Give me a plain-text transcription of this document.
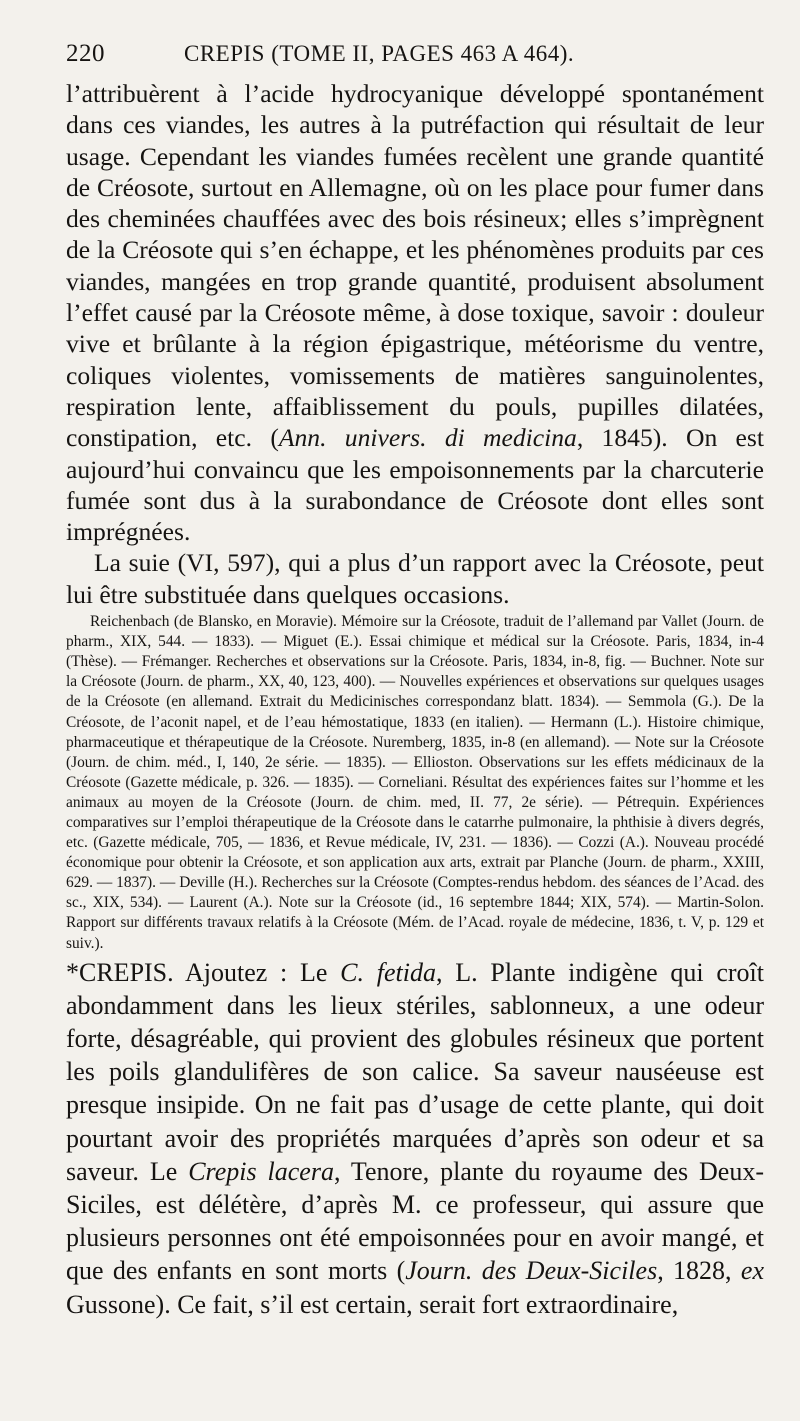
220	CREPIS (TOME II, PAGES 463 A 464).

l’attribuèrent à l’acide hydrocyanique développé spontanément dans ces viandes, les autres à la putréfaction qui résultait de leur usage. Cependant les viandes fumées recèlent une grande quantité de Créosote, surtout en Allemagne, où on les place pour fumer dans des cheminées chauffées avec des bois résineux; elles s’imprègnent de la Créosote qui s’en échappe, et les phénomènes produits par ces viandes, mangées en trop grande quantité, produisent absolument l’effet causé par la Créosote même, à dose toxique, savoir : douleur vive et brûlante à la région épigastrique, météorisme du ventre, coliques violentes, vomissements de matières sanguinolentes, respiration lente, affaiblissement du pouls, pupilles dilatées, constipation, etc. (Ann. univers. di medicina, 1845). On est aujourd’hui convaincu que les empoisonnements par la charcuterie fumée sont dus à la surabondance de Créosote dont elles sont imprégnées.

La suie (VI, 597), qui a plus d’un rapport avec la Créosote, peut lui être substituée dans quelques occasions.

Reichenbach (de Blansko, en Moravie). Mémoire sur la Créosote, traduit de l’allemand par Vallet (Journ. de pharm., XIX, 544. — 1833). — Miguet (E.). Essai chimique et médical sur la Créosote. Paris, 1834, in-4 (Thèse). — Frémanger. Recherches et observations sur la Créosote. Paris, 1834, in-8, fig. — Buchner. Note sur la Créosote (Journ. de pharm., XX, 40, 123, 400). — Nouvelles expériences et observations sur quelques usages de la Créosote (en allemand. Extrait du Medicinisches correspondanz blatt. 1834). — Semmola (G.). De la Créosote, de l’aconit napel, et de l’eau hémostatique, 1833 (en italien). — Hermann (L.). Histoire chimique, pharmaceutique et thérapeutique de la Créosote. Nuremberg, 1835, in-8 (en allemand). — Note sur la Créosote (Journ. de chim. méd., I, 140, 2e série. — 1835). — Ellioston. Observations sur les effets médicinaux de la Créosote (Gazette médicale, p. 326. — 1835). — Corneliani. Résultat des expériences faites sur l’homme et les animaux au moyen de la Créosote (Journ. de chim. med, II. 77, 2e série). — Pétrequin. Expériences comparatives sur l’emploi thérapeutique de la Créosote dans le catarrhe pulmonaire, la phthisie à divers degrés, etc. (Gazette médicale, 705, — 1836, et Revue médicale, IV, 231. — 1836). — Cozzi (A.). Nouveau procédé économique pour obtenir la Créosote, et son application aux arts, extrait par Planche (Journ. de pharm., XXIII, 629. — 1837). — Deville (H.). Recherches sur la Créosote (Comptes-rendus hebdom. des séances de l’Acad. des sc., XIX, 534). — Laurent (A.). Note sur la Créosote (id., 16 septembre 1844; XIX, 574). — Martin-Solon. Rapport sur différents travaux relatifs à la Créosote (Mém. de l’Acad. royale de médecine, 1836, t. V, p. 129 et suiv.).

*CREPIS. Ajoutez : Le C. fetida, L. Plante indigène qui croît abondamment dans les lieux stériles, sablonneux, a une odeur forte, désagréable, qui provient des globules résineux que portent les poils glandulifères de son calice. Sa saveur nauséeuse est presque insipide. On ne fait pas d’usage de cette plante, qui doit pourtant avoir des propriétés marquées d’après son odeur et sa saveur. Le Crepis lacera, Tenore, plante du royaume des Deux-Siciles, est délétère, d’après M. ce professeur, qui assure que plusieurs personnes ont été empoisonnées pour en avoir mangé, et que des enfants en sont morts (Journ. des Deux-Siciles, 1828, ex Gussone). Ce fait, s’il est certain, serait fort extraordinaire,
